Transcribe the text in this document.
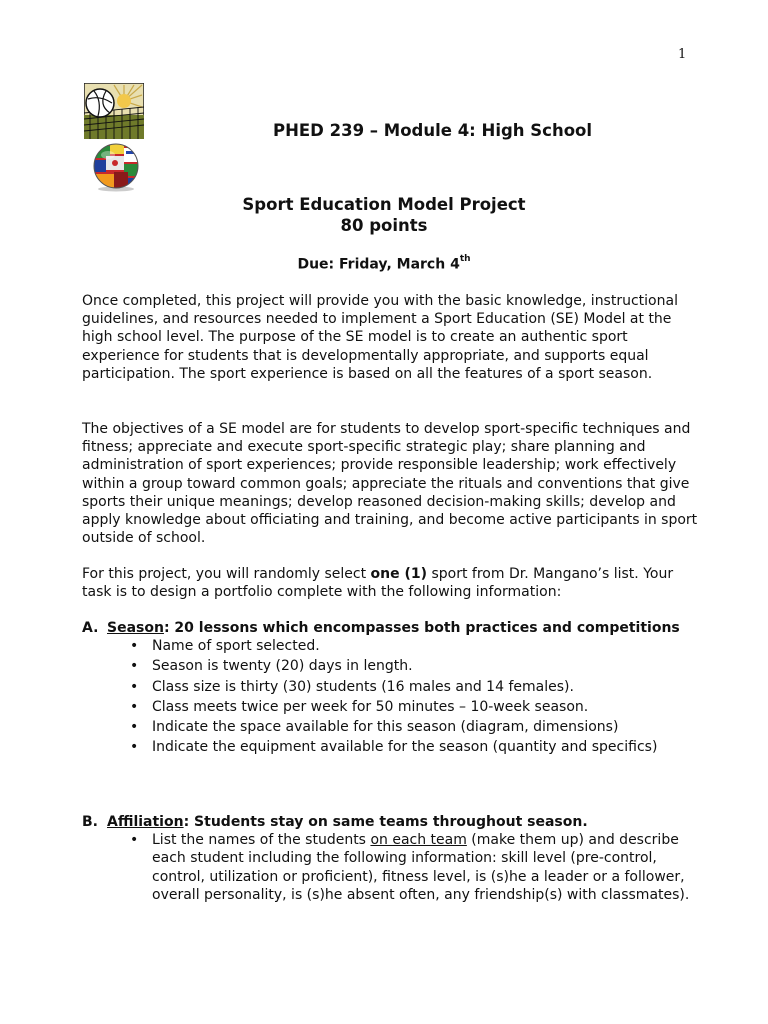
1
PHED 239 – Module 4: High School
Sport Education Model Project
80 points
Due: Friday, March 4th

Once completed, this project will provide you with the basic knowledge, instructional guidelines, and resources needed to implement a Sport Education (SE) Model at the high school level. The purpose of the SE model is to create an authentic sport experience for students that is developmentally appropriate, and supports equal participation. The sport experience is based on all the features of a sport season.

The objectives of a SE model are for students to develop sport-specific techniques and fitness; appreciate and execute sport-specific strategic play; share planning and administration of sport experiences; provide responsible leadership; work effectively within a group toward common goals; appreciate the rituals and conventions that give sports their unique meanings; develop reasoned decision-making skills; develop and apply knowledge about officiating and training, and become active participants in sport outside of school.

For this project, you will randomly select one (1) sport from Dr. Mangano’s list. Your task is to design a portfolio complete with the following information:

A. Season: 20 lessons which encompasses both practices and competitions
• Name of sport selected.
• Season is twenty (20) days in length.
• Class size is thirty (30) students (16 males and 14 females).
• Class meets twice per week for 50 minutes – 10-week season.
• Indicate the space available for this season (diagram, dimensions)
• Indicate the equipment available for the season (quantity and specifics)
B. Affiliation: Students stay on same teams throughout season.
• List the names of the students on each team (make them up) and describe each student including the following information: skill level (pre-control, control, utilization or proficient), fitness level, is (s)he a leader or a follower, overall personality, is (s)he absent often, any friendship(s) with classmates).
